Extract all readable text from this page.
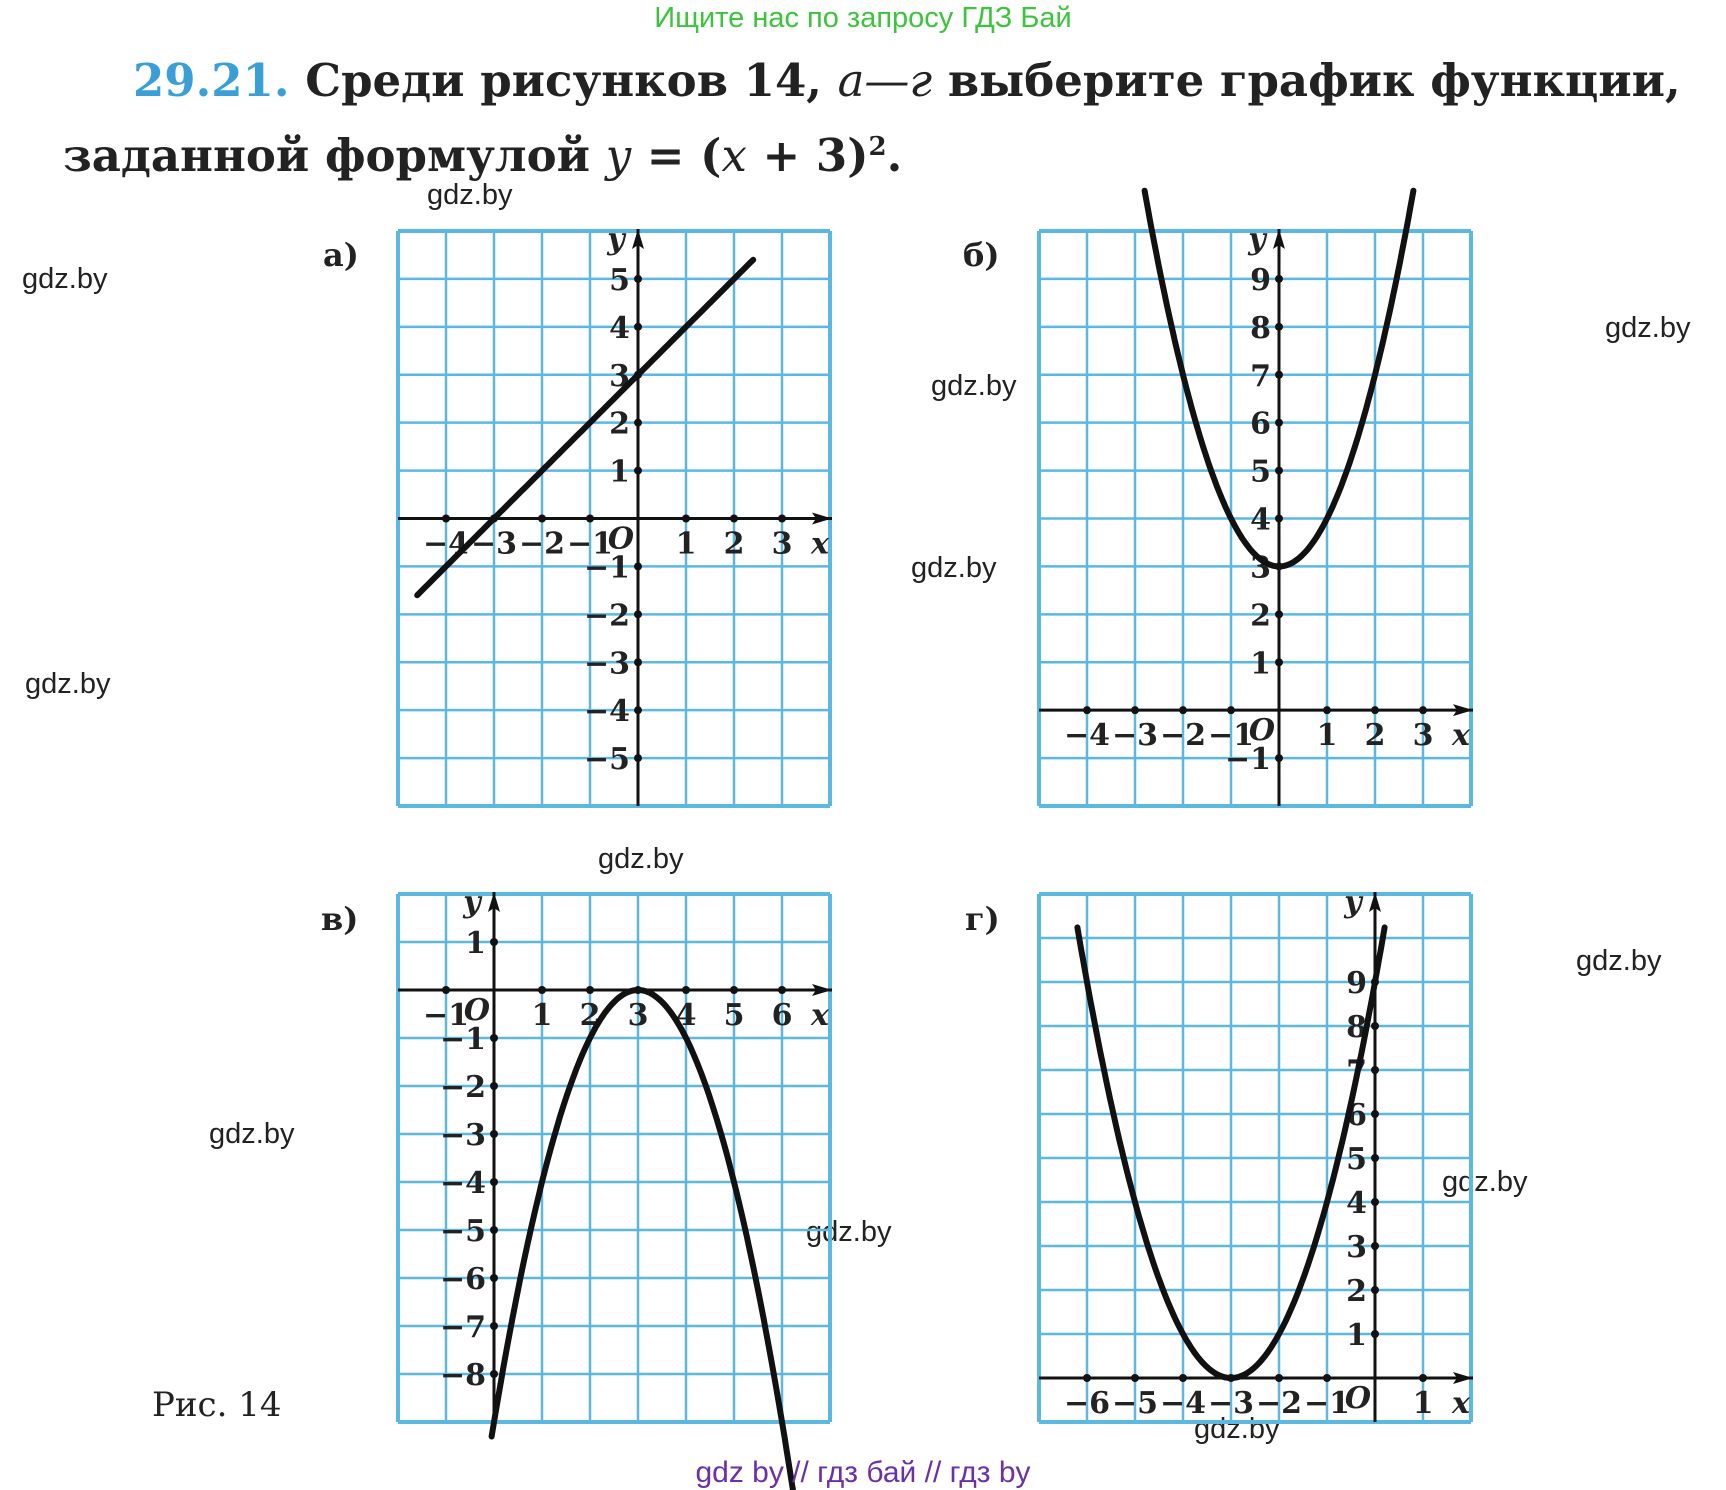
Ищите нас по запросу ГДЗ Бай
29.21. Среди рисунков 14, а—г выберите график функции, заданной формулой $y = (x + 3)^2$.
gdz.by
gdz.by
gdz.by
gdz.by
gdz.by
gdz.by
gdz.by
gdz.by
gdz.by
gdz.by
gdz.by
gdz.by
а)	б)
в)	г)
x
y
O
−4 −3 −2 −1 1 2 3
5
4
3
2
1
−1
−2
−3
−4
−5
x
y
O
−4 −3 −2 −1 1 2 3
9
8
7
6
5
4
3
2
1
−1
x
y
O
−1 1 2 3 4 5 6
1
−1
−2
−3
−4
−5
−6
−7
−8
x
y
O
−6 −5 −4 −3 −2 −1 1
9
8
7
6
5
4
3
2
1
Рис. 14
gdz by // гдз бай // гдз by
